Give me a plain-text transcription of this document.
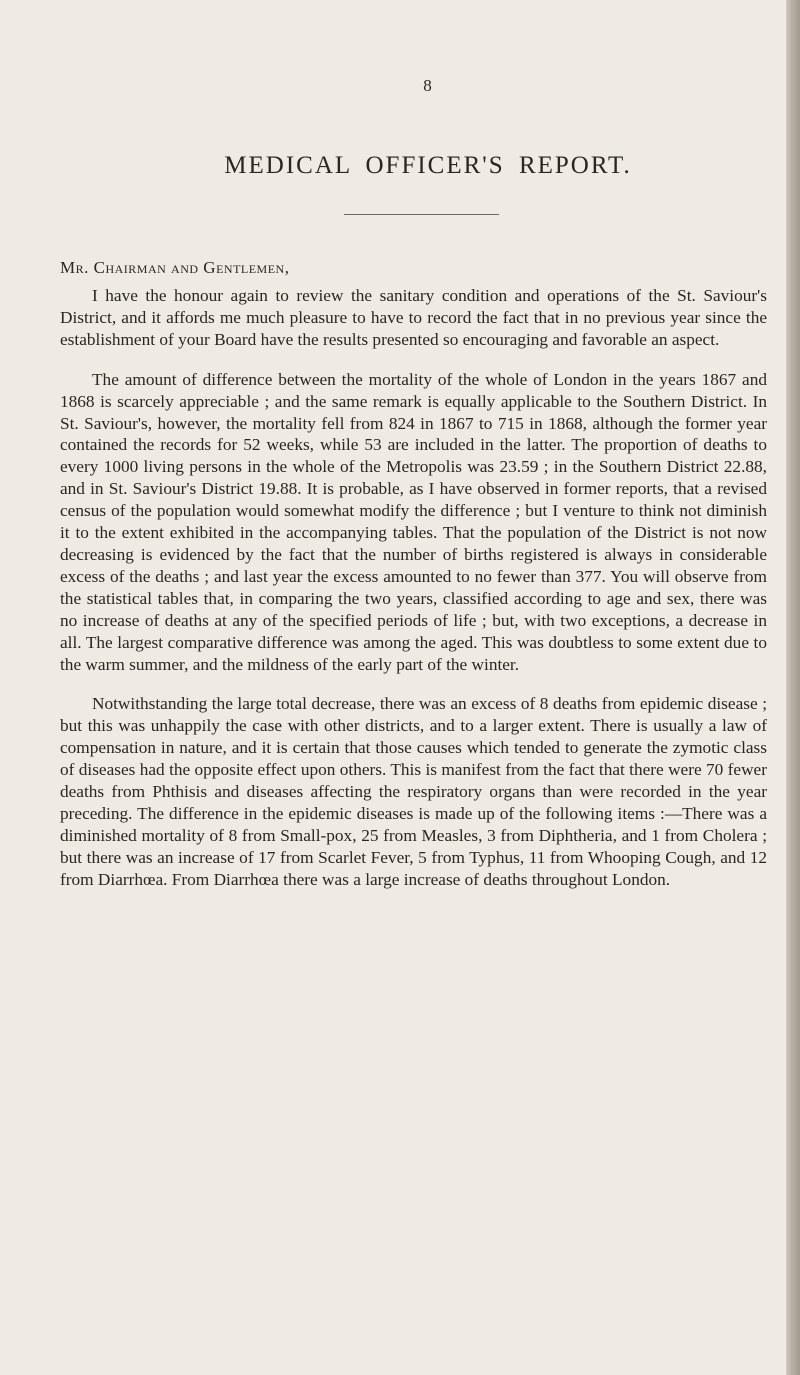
8
MEDICAL OFFICER'S REPORT.
Mr. Chairman and Gentlemen,

I have the honour again to review the sanitary condition and operations of the St. Saviour's District, and it affords me much pleasure to have to record the fact that in no previous year since the establishment of your Board have the results presented so encouraging and favorable an aspect.

The amount of difference between the mortality of the whole of London in the years 1867 and 1868 is scarcely appreciable ; and the same remark is equally applicable to the Southern District. In St. Saviour's, however, the mortality fell from 824 in 1867 to 715 in 1868, although the former year contained the records for 52 weeks, while 53 are included in the latter. The proportion of deaths to every 1000 living persons in the whole of the Metropolis was 23.59 ; in the Southern District 22.88, and in St. Saviour's District 19.88. It is probable, as I have observed in former reports, that a revised census of the population would somewhat modify the difference ; but I venture to think not diminish it to the extent exhibited in the accompanying tables. That the population of the District is not now decreasing is evidenced by the fact that the number of births registered is always in considerable excess of the deaths ; and last year the excess amounted to no fewer than 377. You will observe from the statistical tables that, in comparing the two years, classified according to age and sex, there was no increase of deaths at any of the specified periods of life ; but, with two exceptions, a decrease in all. The largest comparative difference was among the aged. This was doubtless to some extent due to the warm summer, and the mildness of the early part of the winter.

Notwithstanding the large total decrease, there was an excess of 8 deaths from epidemic disease ; but this was unhappily the case with other districts, and to a larger extent. There is usually a law of compensation in nature, and it is certain that those causes which tended to generate the zymotic class of diseases had the opposite effect upon others. This is manifest from the fact that there were 70 fewer deaths from Phthisis and diseases affecting the respiratory organs than were recorded in the year preceding. The difference in the epidemic diseases is made up of the following items :—There was a diminished mortality of 8 from Small-pox, 25 from Measles, 3 from Diphtheria, and 1 from Cholera ; but there was an increase of 17 from Scarlet Fever, 5 from Typhus, 11 from Whooping Cough, and 12 from Diarrhœa. From Diarrhœa there was a large increase of deaths throughout London.
